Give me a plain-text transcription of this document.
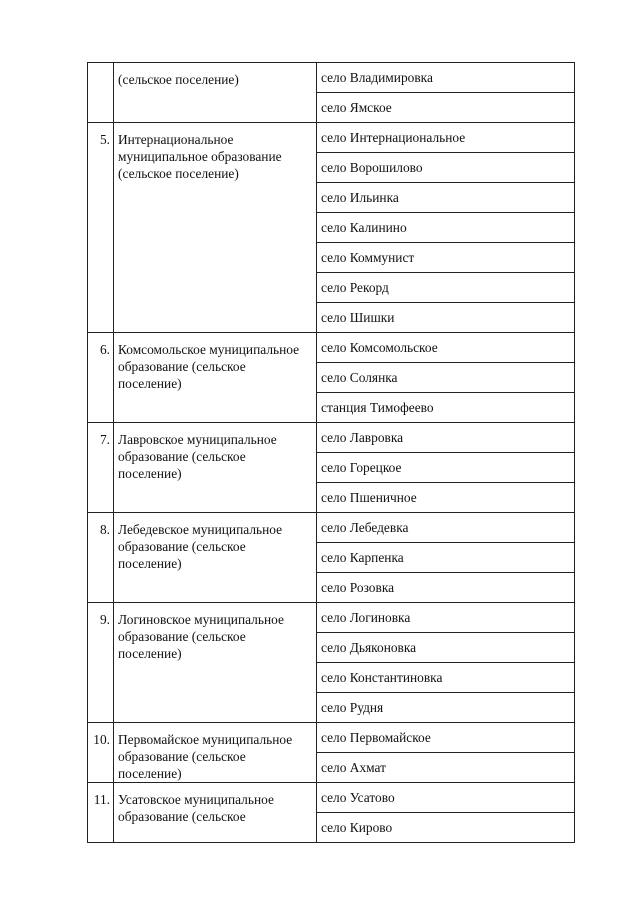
	(сельское поселение)	село Владимировка
		село Ямское
5.	Интернациональное муниципальное образование (сельское поселение)	село Интернациональное
		село Ворошилово
		село Ильинка
		село Калинино
		село Коммунист
		село Рекорд
		село Шишки
6.	Комсомольское муниципальное образование (сельское поселение)	село Комсомольское
		село Солянка
		станция Тимофеево
7.	Лавровское муниципальное образование (сельское поселение)	село Лавровка
		село Горецкое
		село Пшеничное
8.	Лебедевское муниципальное образование (сельское поселение)	село Лебедевка
		село Карпенка
		село Розовка
9.	Логиновское муниципальное образование (сельское поселение)	село Логиновка
		село Дьяконовка
		село Константиновка
		село Рудня
10.	Первомайское муниципальное образование (сельское поселение)	село Первомайское
		село Ахмат
11.	Усатовское муниципальное образование (сельское	село Усатово
		село Кирово
